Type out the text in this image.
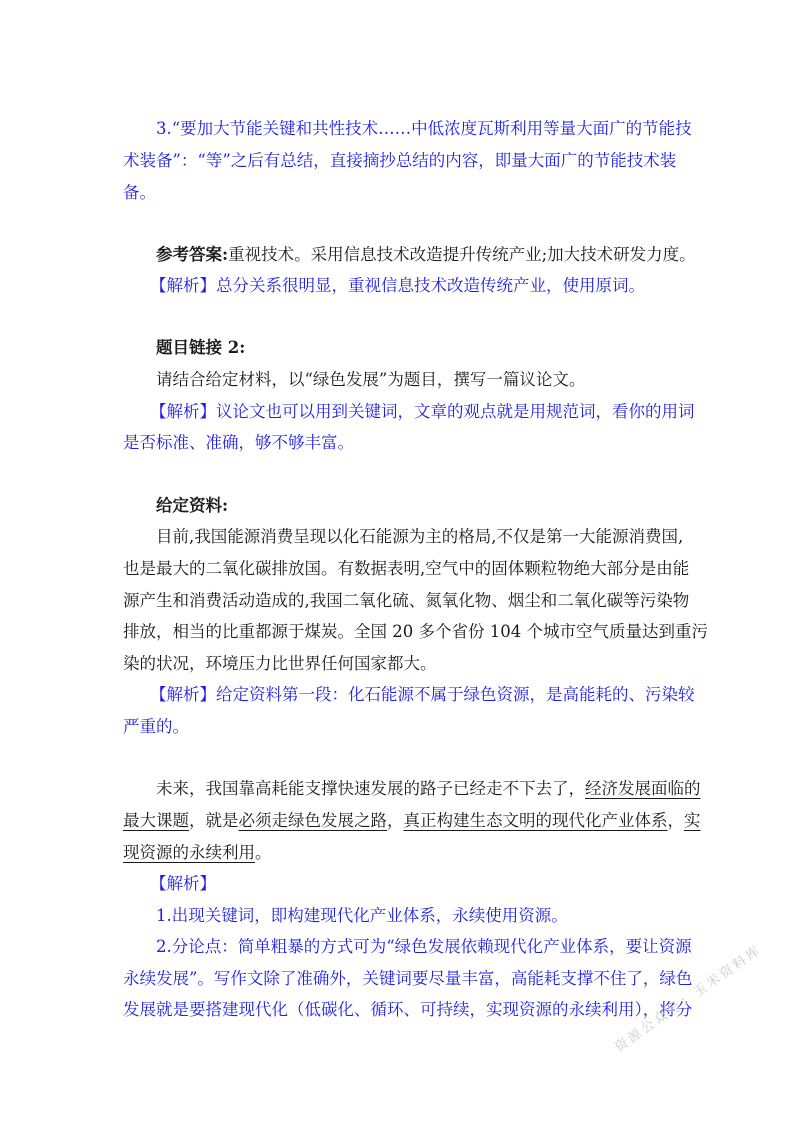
3.“要加大节能关键和共性技术……中低浓度瓦斯利用等量大面广的节能技
术装备”：“等”之后有总结，直接摘抄总结的内容，即量大面广的节能技术装
备。
参考答案:重视技术。采用信息技术改造提升传统产业;加大技术研发力度。
【解析】总分关系很明显，重视信息技术改造传统产业，使用原词。
题目链接 2:
请结合给定材料，以“绿色发展”为题目，撰写一篇议论文。
【解析】议论文也可以用到关键词，文章的观点就是用规范词，看你的用词
是否标准、准确，够不够丰富。
给定资料:
目前,我国能源消费呈现以化石能源为主的格局,不仅是第一大能源消费国,
也是最大的二氧化碳排放国。有数据表明,空气中的固体颗粒物绝大部分是由能
源产生和消费活动造成的,我国二氧化硫、氮氧化物、烟尘和二氧化碳等污染物
排放，相当的比重都源于煤炭。全国 20 多个省份 104 个城市空气质量达到重污
染的状况，环境压力比世界任何国家都大。
【解析】给定资料第一段：化石能源不属于绿色资源，是高能耗的、污染较
严重的。
未来，我国靠高耗能支撑快速发展的路子已经走不下去了，经济发展面临的
最大课题，就是必须走绿色发展之路，真正构建生态文明的现代化产业体系，实
现资源的永续利用。
【解析】
1.出现关键词，即构建现代化产业体系，永续使用资源。
2.分论点：简单粗暴的方式可为“绿色发展依赖现代化产业体系，要让资源
永续发展”。写作文除了准确外，关键词要尽量丰富，高能耗支撑不住了，绿色
发展就是要搭建现代化（低碳化、循环、可持续，实现资源的永续利用），将分
资源公众号：玉米资料库
